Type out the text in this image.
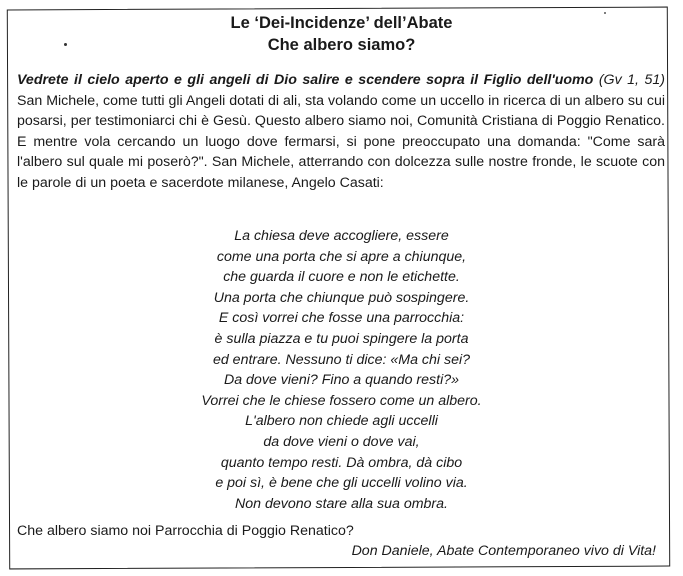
Le ‘Dei-Incidenze’ dell’Abate
Che albero siamo?
Vedrete il cielo aperto e gli angeli di Dio salire e scendere sopra il Figlio dell'uomo (Gv 1, 51) San Michele, come tutti gli Angeli dotati di ali, sta volando come un uccello in ricerca di un albero su cui posarsi, per testimoniarci chi è Gesù. Questo albero siamo noi, Comunità Cristiana di Poggio Renatico. E mentre vola cercando un luogo dove fermarsi, si pone preoccupato una domanda: "Come sarà l'albero sul quale mi poserò?". San Michele, atterrando con dolcezza sulle nostre fronde, le scuote con le parole di un poeta e sacerdote milanese, Angelo Casati:
La chiesa deve accogliere, essere
come una porta che si apre a chiunque,
che guarda il cuore e non le etichette.
Una porta che chiunque può sospingere.
E così vorrei che fosse una parrocchia:
è sulla piazza e tu puoi spingere la porta
ed entrare. Nessuno ti dice: «Ma chi sei?
Da dove vieni? Fino a quando resti?»
Vorrei che le chiese fossero come un albero.
L'albero non chiede agli uccelli
da dove vieni o dove vai,
quanto tempo resti. Dà ombra, dà cibo
e poi sì, è bene che gli uccelli volino via.
Non devono stare alla sua ombra.
Che albero siamo noi Parrocchia di Poggio Renatico?
Don Daniele, Abate Contemporaneo vivo di Vita!
